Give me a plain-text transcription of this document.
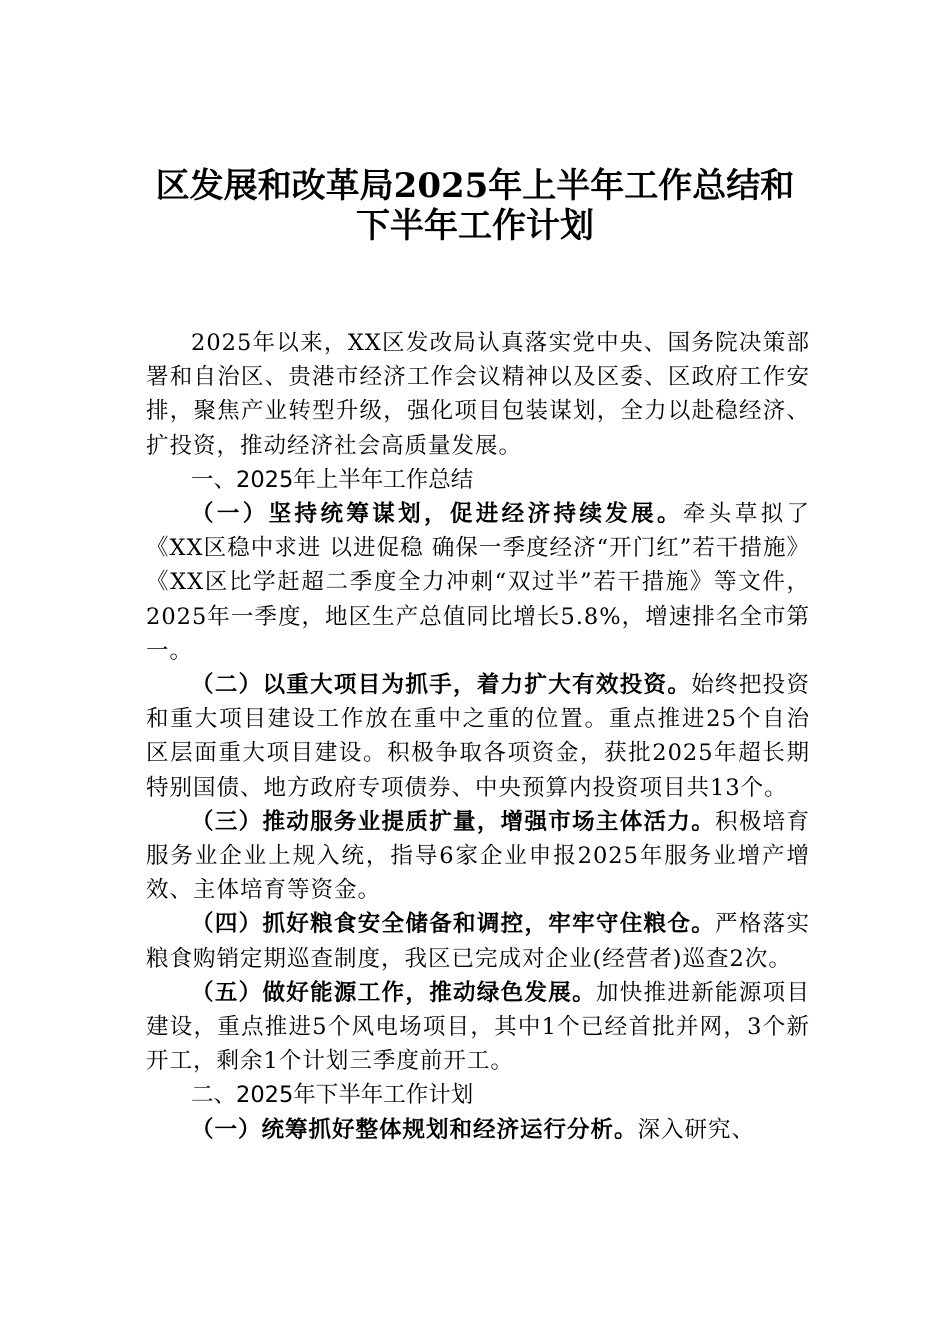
区发展和改革局2025年上半年工作总结和
下半年工作计划

2025年以来，XX区发改局认真落实党中央、国务院决策部署和自治区、贵港市经济工作会议精神以及区委、区政府工作安排，聚焦产业转型升级，强化项目包装谋划，全力以赴稳经济、扩投资，推动经济社会高质量发展。

一、2025年上半年工作总结

（一）坚持统筹谋划，促进经济持续发展。牵头草拟了《XX区稳中求进 以进促稳 确保一季度经济“开门红”若干措施》《XX区比学赶超二季度全力冲刺“双过半”若干措施》等文件，2025年一季度，地区生产总值同比增长5.8%，增速排名全市第一。

（二）以重大项目为抓手，着力扩大有效投资。始终把投资和重大项目建设工作放在重中之重的位置。重点推进25个自治区层面重大项目建设。积极争取各项资金，获批2025年超长期特别国债、地方政府专项债券、中央预算内投资项目共13个。

（三）推动服务业提质扩量，增强市场主体活力。积极培育服务业企业上规入统，指导6家企业申报2025年服务业增产增效、主体培育等资金。

（四）抓好粮食安全储备和调控，牢牢守住粮仓。严格落实粮食购销定期巡查制度，我区已完成对企业(经营者)巡查2次。

（五）做好能源工作，推动绿色发展。加快推进新能源项目建设，重点推进5个风电场项目，其中1个已经首批并网，3个新开工，剩余1个计划三季度前开工。

二、2025年下半年工作计划

（一）统筹抓好整体规划和经济运行分析。深入研究、
